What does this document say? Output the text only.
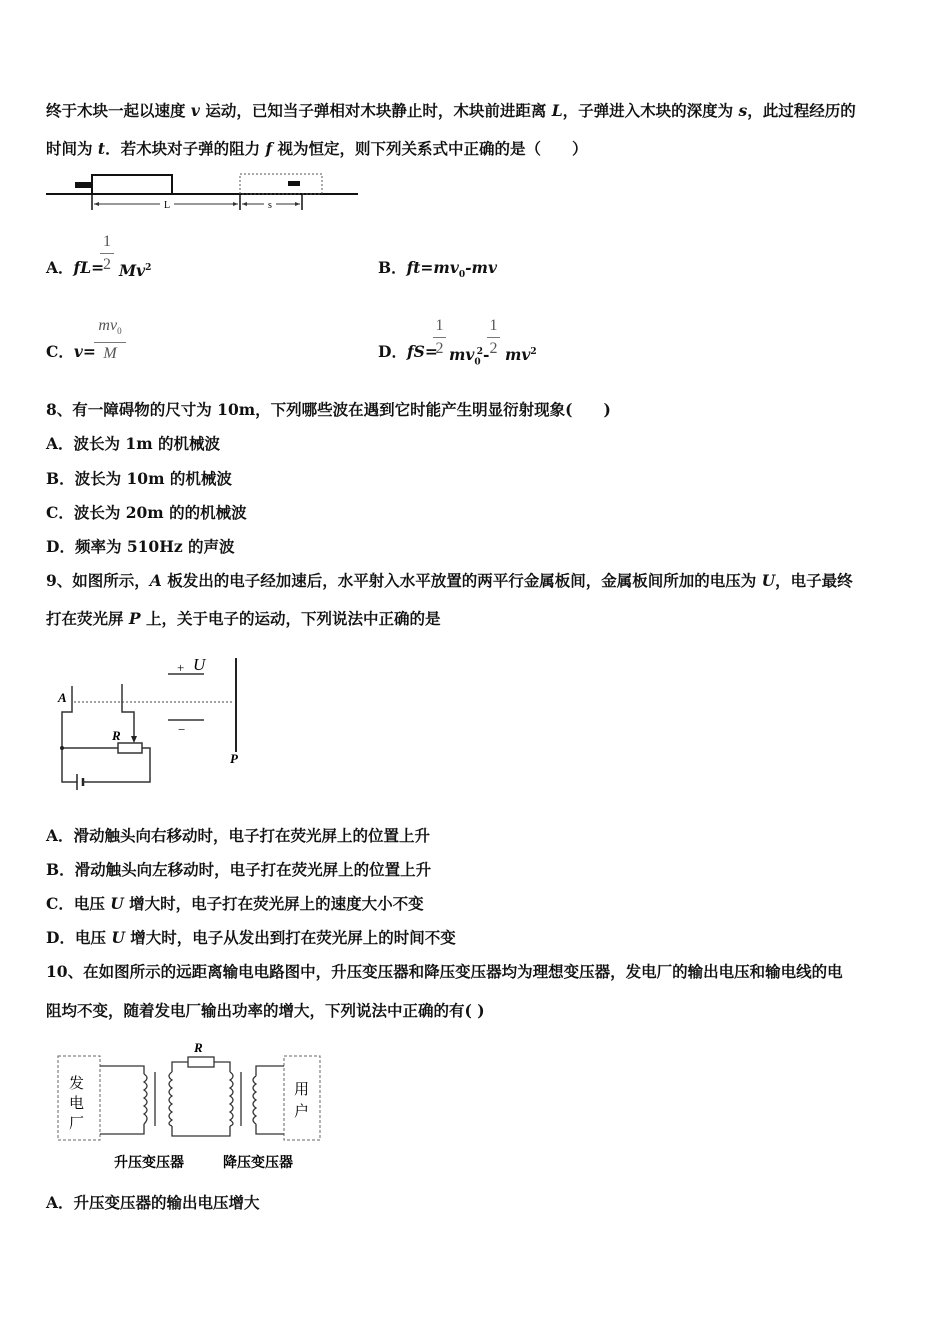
终于木块一起以速度 v 运动，已知当子弹相对木块静止时，木块前进距离 L，子弹进入木块的深度为 s，此过程经历的
时间为 t．若木块对子弹的阻力 f 视为恒定，则下列关系式中正确的是（　　）
L	s
A．fL=
1
2 Mv$^2$	B．$ft=mv_0-mv$
C．v=
$mv_0$
M	D．fS=
1
2 $mv_0^2-$
1
2 $mv^2$
8、有一障碍物的尺寸为 10m，下列哪些波在遇到它时能产生明显衍射现象(　　)
A．波长为 1m 的机械波
B．波长为 10m 的机械波
C．波长为 20m 的的机械波
D．频率为 510Hz 的声波
9、如图所示，A 板发出的电子经加速后，水平射入水平放置的两平行金属板间，金属板间所加的电压为 U，电子最终
打在荧光屏 P 上，关于电子的运动，下列说法中正确的是
+ U
−
P
A
R
A．滑动触头向右移动时，电子打在荧光屏上的位置上升
B．滑动触头向左移动时，电子打在荧光屏上的位置上升
C．电压 U 增大时，电子打在荧光屏上的速度大小不变
D．电压 U 增大时，电子从发出到打在荧光屏上的时间不变
10、在如图所示的远距离输电电路图中，升压变压器和降压变压器均为理想变压器，发电厂的输出电压和输电线的电
阻均不变，随着发电厂输出功率的增大，下列说法中正确的有( )
发
电
厂
用
户
R
升压变压器	降压变压器
A．升压变压器的输出电压增大
